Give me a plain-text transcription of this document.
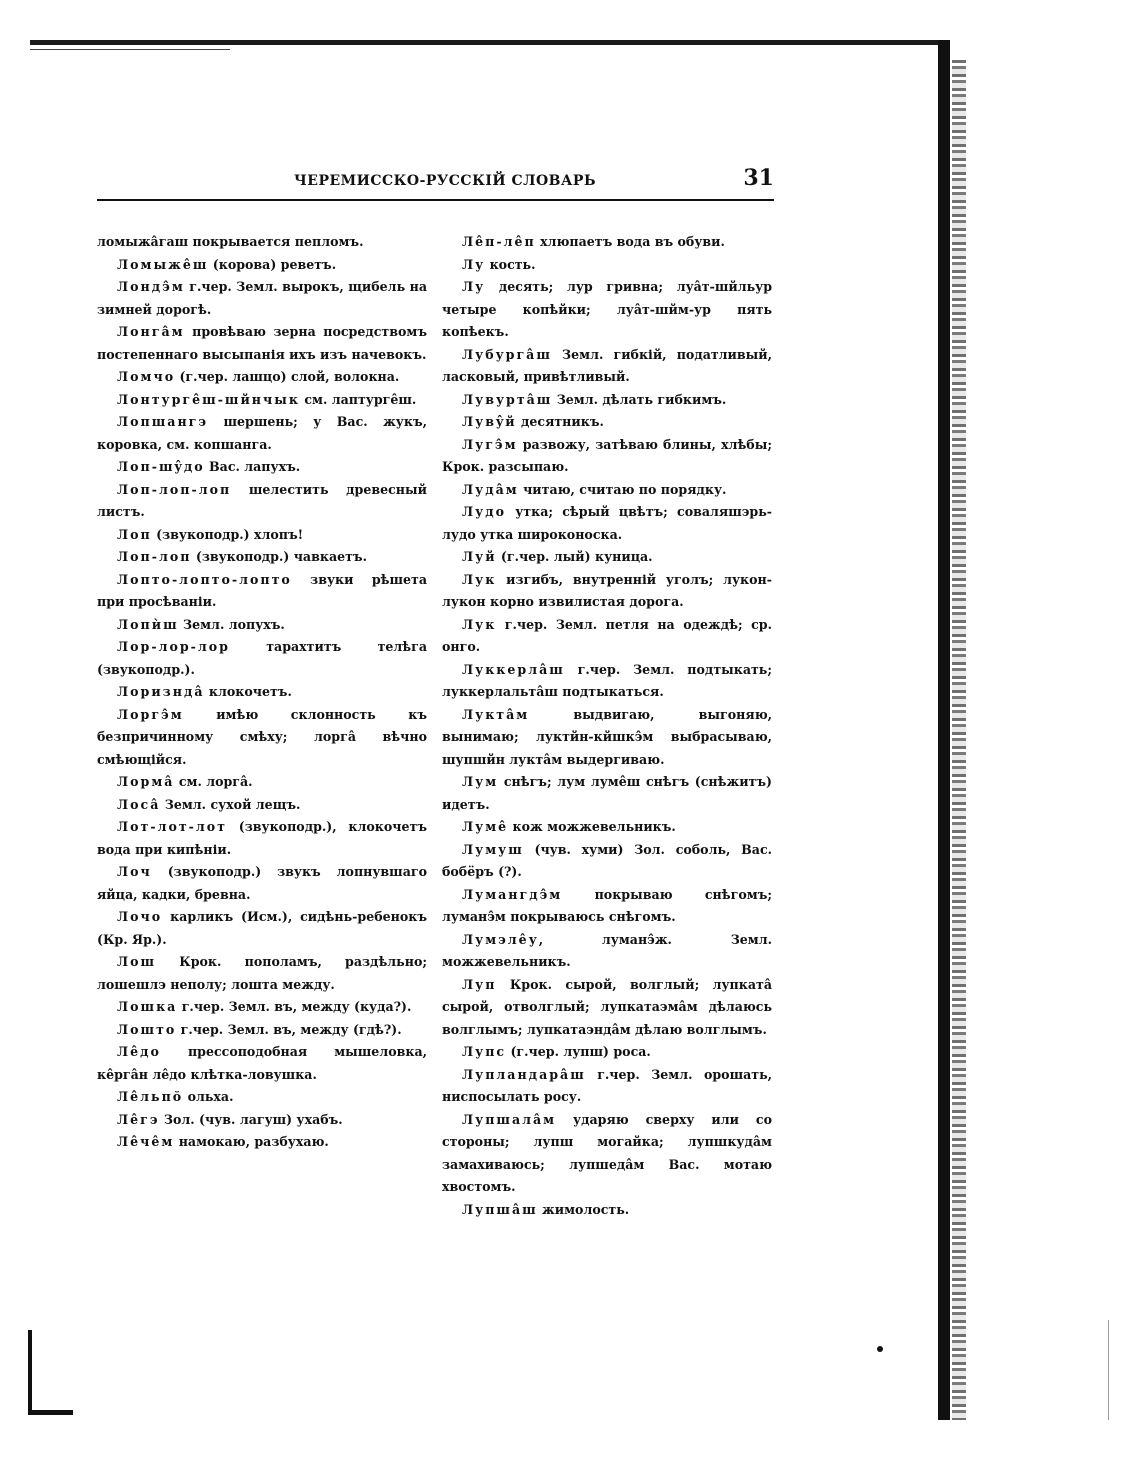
ЧЕРЕМИССКО-РУССКІЙ СЛОВАРЬ	31

ломыжа̂гаш покрывается пепломъ.

Ломыжêш (корова) реветъ.

Лондэ̂м г.чер. Земл. вырокъ, щибель на зимней дорогѣ.

Лонга̂м провѣваю зерна посредствомъ постепеннаго высыпанія ихъ изъ начевокъ.

Ломчо (г.чер. лашцо) слой, волокна.

Лонтургêш-шйнчык см. лаптургêш.

Лопшангэ шершень; у Вас. жукъ, коровка, см. копшанга.

Лоп-шŷдо Вас. лапухъ.

Лоп-лоп-лоп шелестить древесный листъ.

Лоп (звукоподр.) хлопъ!

Лоп-лоп (звукоподр.) чавкаетъ.

Лопто-лопто-лопто звуки рѣшета при просѣваніи.

Лопѝш Земл. лопухъ.

Лор-лор-лор тарахтитъ телѣга (звукоподр.).

Лоризндâ клокочетъ.

Лоргэ̂м имѣю склонность къ безпричинному смѣху; лоргâ вѣчно смѣющійся.

Лормâ см. лоргâ.

Лосâ Земл. сухой лещъ.

Лот-лот-лот (звукоподр.), клокочетъ вода при кипѣніи.

Лоч (звукоподр.) звукъ лопнувшаго яйца, кадки, бревна.

Лочо карликъ (Исм.), сидѣнь-ребенокъ (Кр. Яр.).

Лош Крок. пополамъ, раздѣльно; лошешлэ неполу; лошта между.

Лошка г.чер. Земл. въ, между (куда?).

Лошто г.чер. Земл. въ, между (гдѣ?).

Лêдо прессоподобная мышеловка, кêргâн лêдо клѣтка-ловушка.

Лêльпŏ ольха.

Лêгэ Зол. (чув. лагуш) ухабъ.

Лêчêм намокаю, разбухаю.

Лêп-лêп хлюпаетъ вода въ обуви.

Лу кость.

Лу десять; лур гривна; луâт-шйльур четыре копѣйки; луâт-шйм-ур пять копѣекъ.

Лубургâш Земл. гибкій, податливый, ласковый, привѣтливый.

Лувуртâш Земл. дѣлать гибкимъ.

Лувŷй десятникъ.

Лугэ̂м развожу, затѣваю блины, хлѣбы; Крок. разсыпаю.

Лудâм читаю, считаю по порядку.

Лудо утка; сѣрый цвѣтъ; соваляшэрь-лудо утка широконоска.

Луй (г.чер. лый) куница.

Лук изгибъ, внутренній уголъ; лукон-лукон корно извилистая дорога.

Лук г.чер. Земл. петля на одеждѣ; ср. онго.

Луккерлâш г.чер. Земл. подтыкать; луккерлальтâш подтыкаться.

Луктâм выдвигаю, выгоняю, вынимаю; луктйн-кйшкэ̂м выбрасываю, шупшйн луктâм выдергиваю.

Лум снѣгъ; лум лумêш снѣгъ (снѣжитъ) идетъ.

Лумê кож можжевельникъ.

Лумуш (чув. хуми) Зол. соболь, Вас. бобёръ (?).

Лумангдэ̂м покрываю снѣгомъ; луманэ̂м покрываюсь снѣгомъ.

Лумэлêу, луманэ̂ж. Земл. можжевельникъ.

Луп Крок. сырой, волглый; лупкатâ сырой, отволглый; лупкатаэмâм дѣлаюсь волглымъ; лупкатаэндâм дѣлаю волглымъ.

Лупс (г.чер. лупш) роса.

Лупландарâш г.чер. Земл. орошать, ниспосылать росу.

Лупшалâм ударяю сверху или со стороны; лупш могайка; лупшкудâм замахиваюсь; лупшедâм Вас. мотаю хвостомъ.

Лупшâш жимолость.
